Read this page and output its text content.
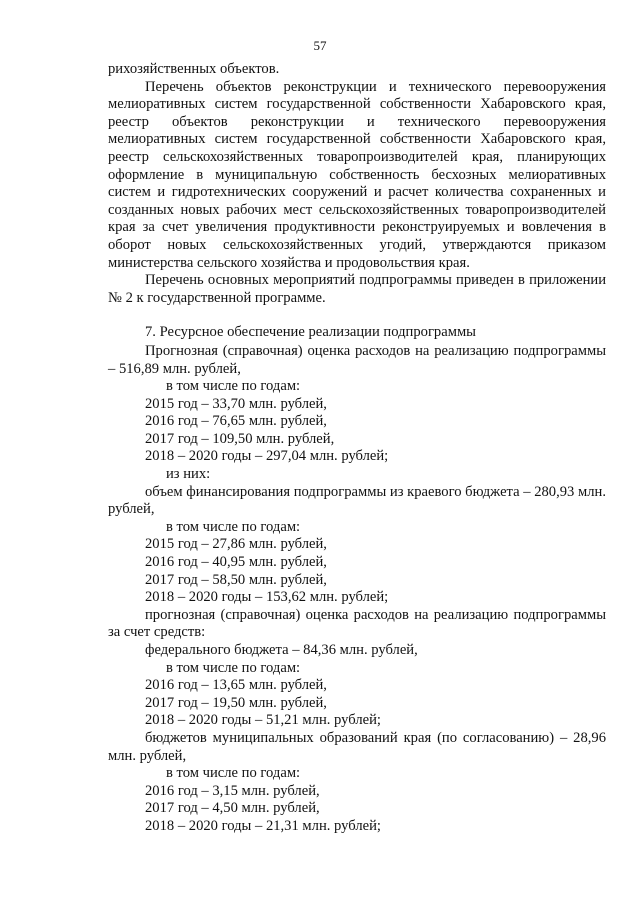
57

рихозяйственных объектов.

Перечень объектов реконструкции и технического перевооружения мелиоративных систем государственной собственности Хабаровского края, реестр объектов реконструкции и технического перевооружения мелиоративных систем государственной собственности Хабаровского края, реестр сельскохозяйственных товаропроизводителей края, планирующих оформление в муниципальную собственность бесхозных мелиоративных систем и гидротехнических сооружений и расчет количества сохраненных и созданных новых рабочих мест сельскохозяйственных товаропроизводителей края за счет увеличения продуктивности реконструируемых и вовлечения в оборот новых сельскохозяйственных угодий, утверждаются приказом министерства сельского хозяйства и продовольствия края.

Перечень основных мероприятий подпрограммы приведен в приложении № 2 к государственной программе.

7. Ресурсное обеспечение реализации подпрограммы

Прогнозная (справочная) оценка расходов на реализацию подпрограммы – 516,89 млн. рублей,

в том числе по годам:

2015 год – 33,70 млн. рублей,

2016 год – 76,65 млн. рублей,

2017 год – 109,50 млн. рублей,

2018 – 2020 годы – 297,04 млн. рублей;

из них:

объем финансирования подпрограммы из краевого бюджета – 280,93 млн. рублей,

в том числе по годам:

2015 год – 27,86 млн. рублей,

2016 год – 40,95 млн. рублей,

2017 год – 58,50 млн. рублей,

2018 – 2020 годы – 153,62 млн. рублей;

прогнозная (справочная) оценка расходов на реализацию подпрограммы за счет средств:

федерального бюджета – 84,36 млн. рублей,

в том числе по годам:

2016 год – 13,65 млн. рублей,

2017 год – 19,50 млн. рублей,

2018 – 2020 годы – 51,21 млн. рублей;

бюджетов муниципальных образований края (по согласованию) – 28,96 млн. рублей,

в том числе по годам:

2016 год – 3,15 млн. рублей,

2017 год – 4,50 млн. рублей,

2018 – 2020 годы – 21,31 млн. рублей;
